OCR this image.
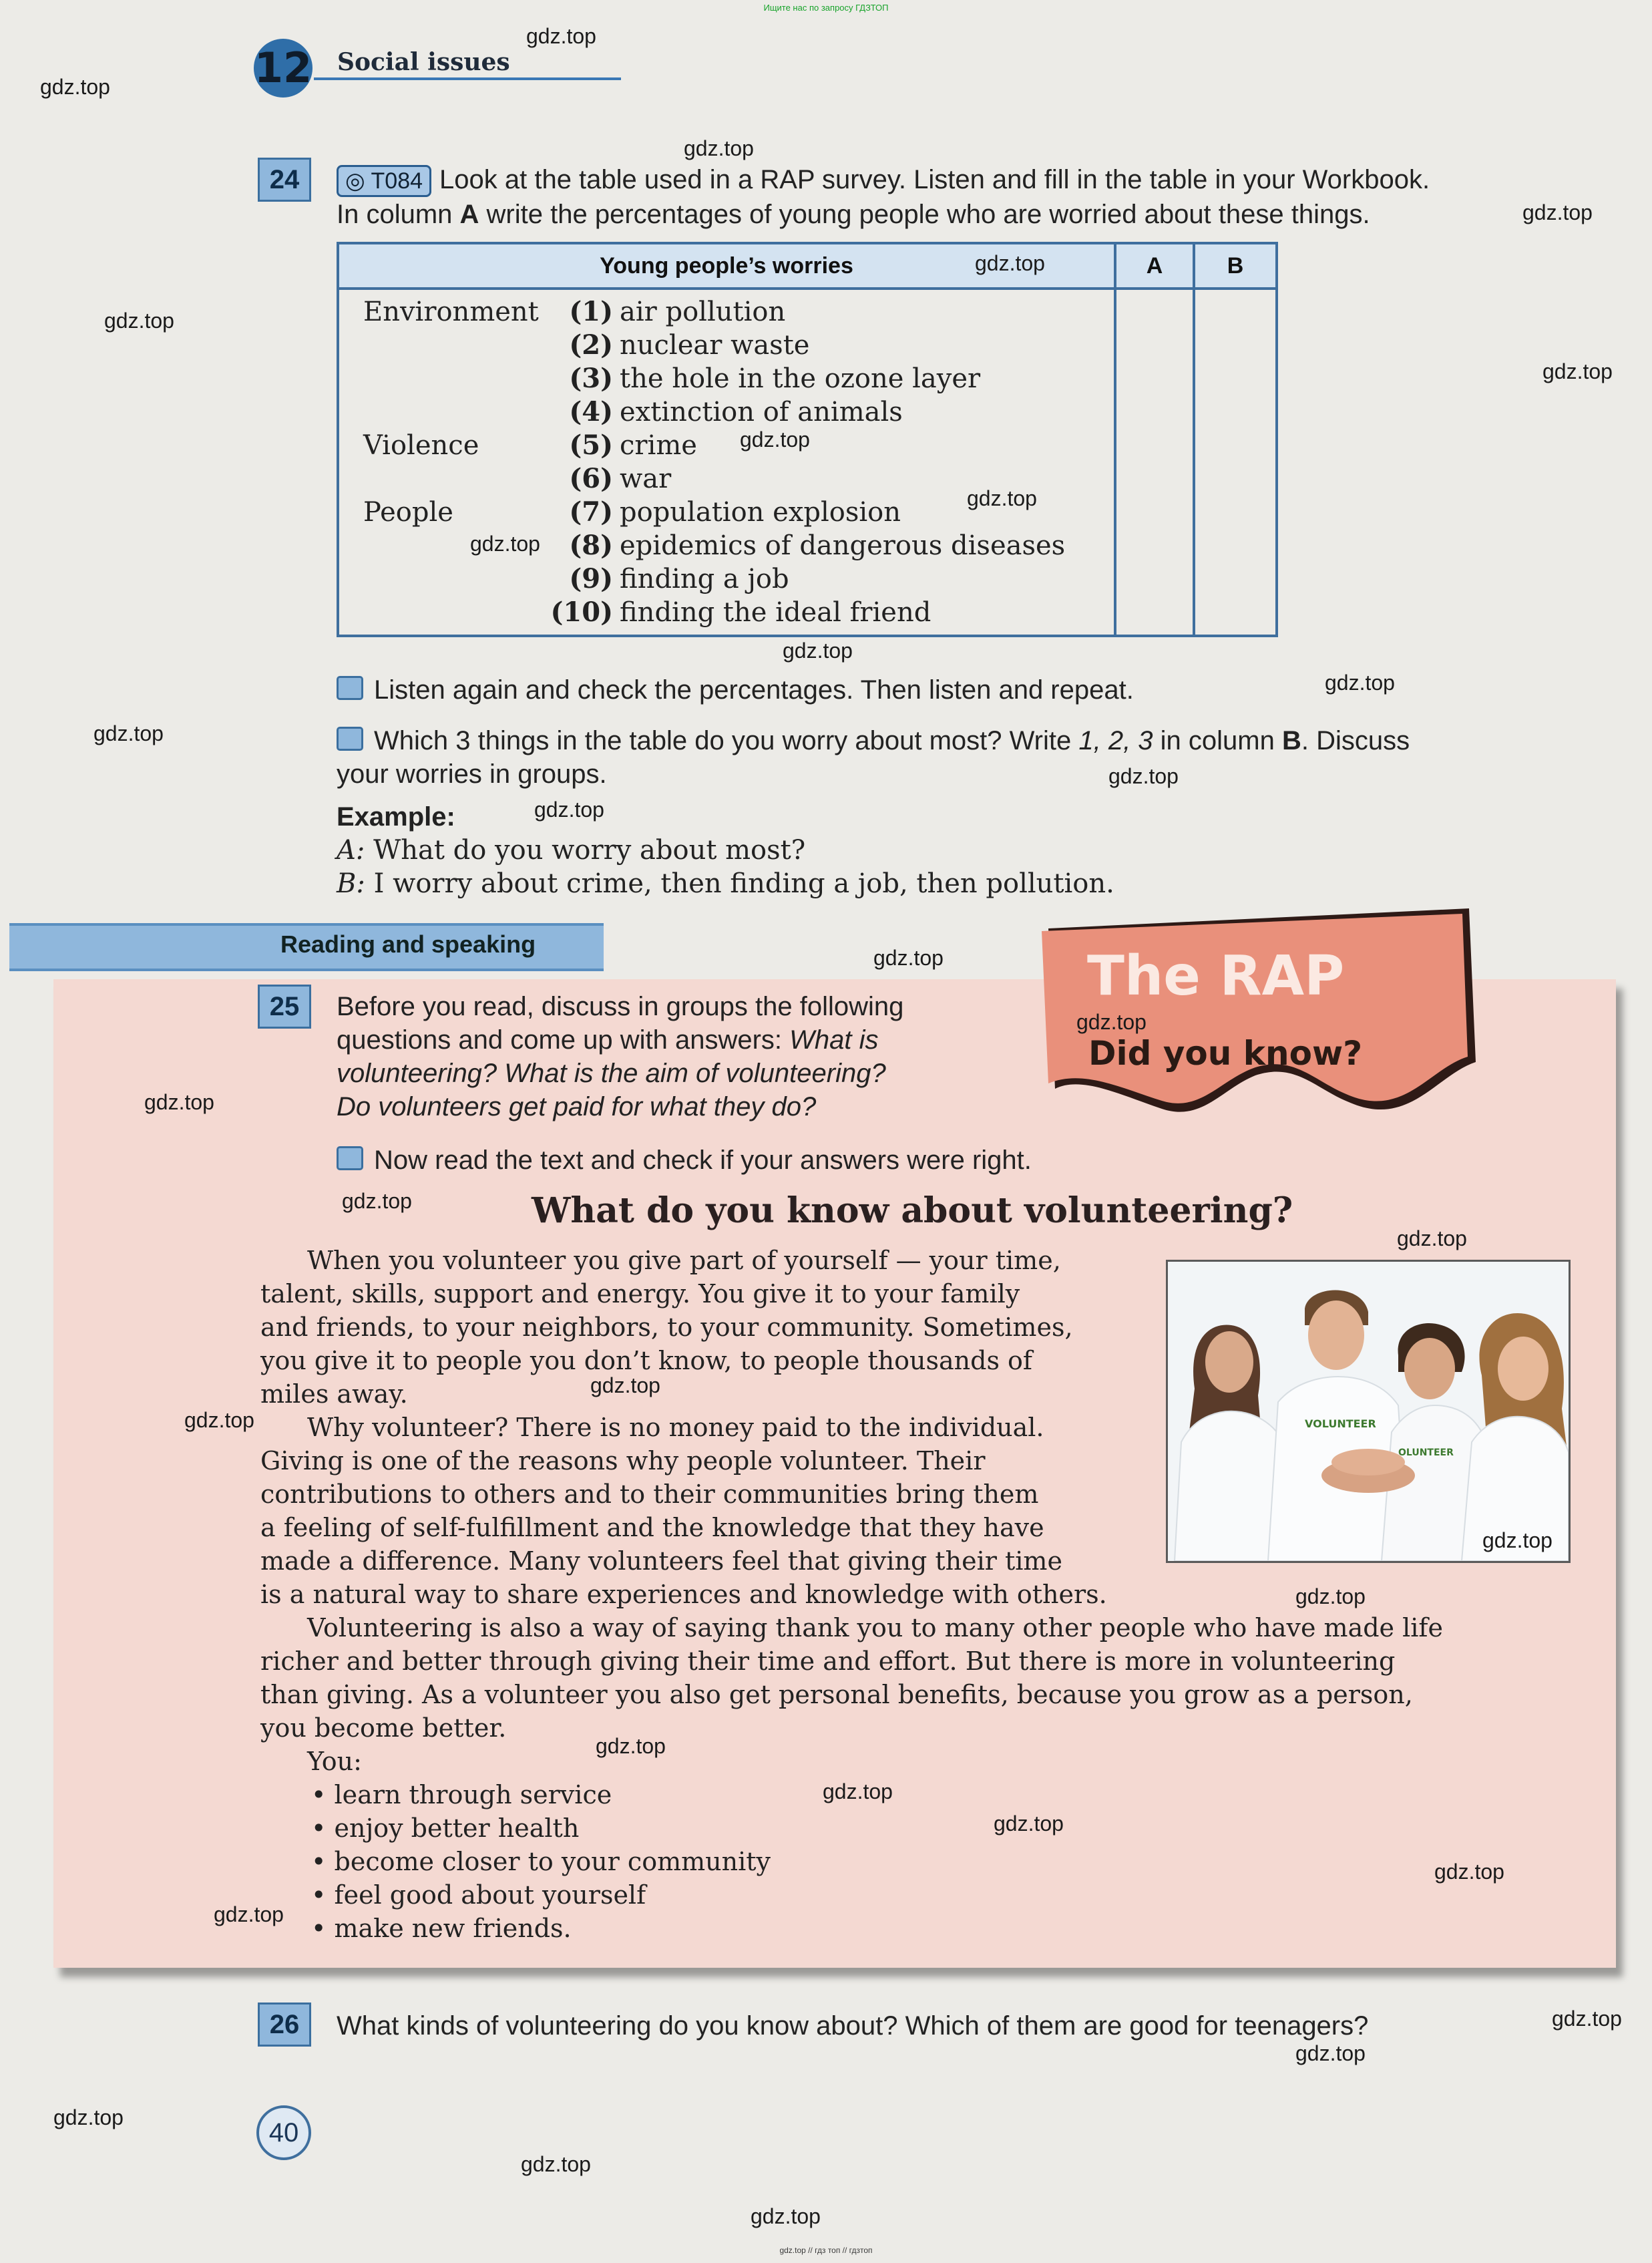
Ищите нас по запросу ГДЗТОП
12 Social issues
24	◎ T084 Look at the table used in a RAP survey. Listen and fill in the table in your Workbook.
In column A write the percentages of young people who are worried about these things.
Young people’s worries	A	B
Environment	(1) air pollution
(2) nuclear waste
(3) the hole in the ozone layer
(4) extinction of animals
Violence	(5) crime
(6) war
People	(7) population explosion
(8) epidemics of dangerous diseases
(9) finding a job
(10) finding the ideal friend
Listen again and check the percentages. Then listen and repeat.
Which 3 things in the table do you worry about most? Write 1, 2, 3 in column B. Discuss
your worries in groups.
Example:
A: What do you worry about most?
B: I worry about crime, then finding a job, then pollution.
Reading and speaking
The RAP
Did you know?
25	Before you read, discuss in groups the following
questions and come up with answers: What is
volunteering? What is the aim of volunteering?
Do volunteers get paid for what they do?
Now read the text and check if your answers were right.
What do you know about volunteering?
VOLUNTEER
OLUNTEER
When you volunteer you give part of yourself — your time,
talent, skills, support and energy. You give it to your family
and friends, to your neighbors, to your community. Sometimes,
you give it to people you don’t know, to people thousands of
miles away.
Why volunteer? There is no money paid to the individual.
Giving is one of the reasons why people volunteer. Their
contributions to others and to their communities bring them
a feeling of self-fulfillment and the knowledge that they have
made a difference. Many volunteers feel that giving their time
is a natural way to share experiences and knowledge with others.
Volunteering is also a way of saying thank you to many other people who have made life
richer and better through giving their time and effort. But there is more in volunteering
than giving. As a volunteer you also get personal benefits, because you grow as a person,
you become better.
You:
• learn through service
• enjoy better health
• become closer to your community
• feel good about yourself
• make new friends.
26	What kinds of volunteering do you know about? Which of them are good for teenagers?
40
gdz.top // гдз топ // гдзтоп
gdz.top
gdz.top
gdz.top
gdz.top
gdz.top
gdz.top
gdz.top
gdz.top
gdz.top
gdz.top
gdz.top
gdz.top
gdz.top
gdz.top
gdz.top
gdz.top
gdz.top
gdz.top
gdz.top
gdz.top
gdz.top
gdz.top
gdz.top
gdz.top
gdz.top
gdz.top
gdz.top
gdz.top
gdz.top
gdz.top
gdz.top
gdz.top
gdz.top
gdz.top
